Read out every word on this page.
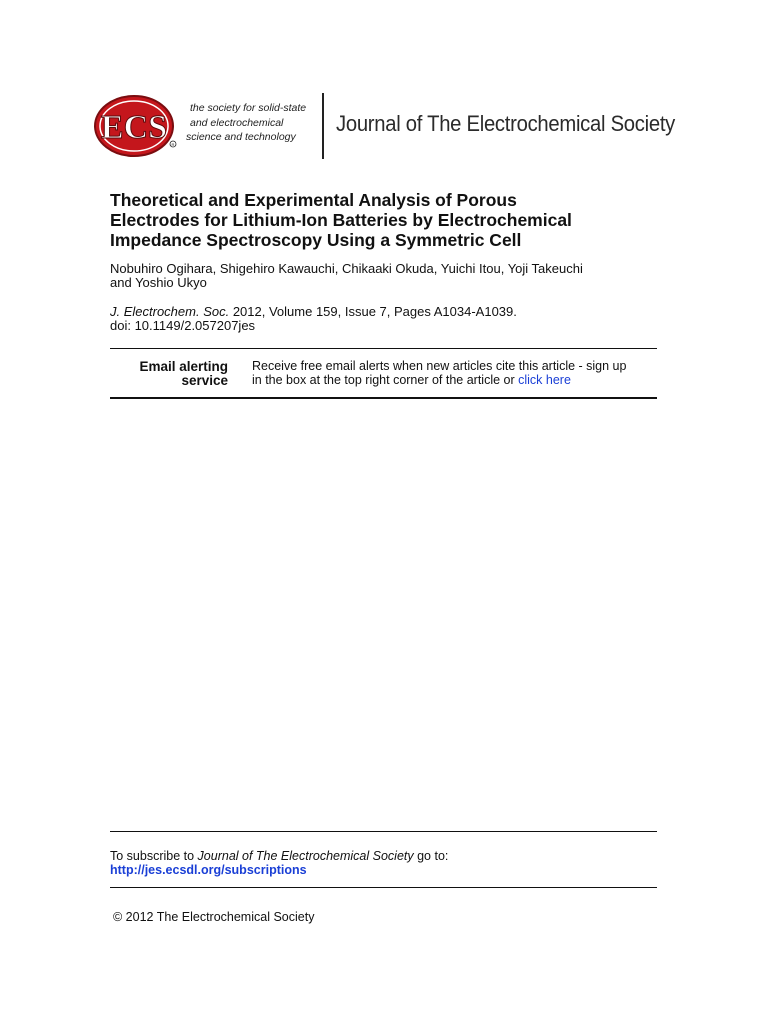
ECS R
the society for solid-state
and electrochemical
science and technology
Journal of The Electrochemical Society
Theoretical and Experimental Analysis of Porous
Electrodes for Lithium-Ion Batteries by Electrochemical
Impedance Spectroscopy Using a Symmetric Cell
Nobuhiro Ogihara, Shigehiro Kawauchi, Chikaaki Okuda, Yuichi Itou, Yoji Takeuchi
and Yoshio Ukyo
J. Electrochem. Soc. 2012, Volume 159, Issue 7, Pages A1034-A1039.
doi: 10.1149/2.057207jes
Email alerting
service
Receive free email alerts when new articles cite this article - sign up
in the box at the top right corner of the article or click here
To subscribe to Journal of The Electrochemical Society go to:
http://jes.ecsdl.org/subscriptions
© 2012 The Electrochemical Society
